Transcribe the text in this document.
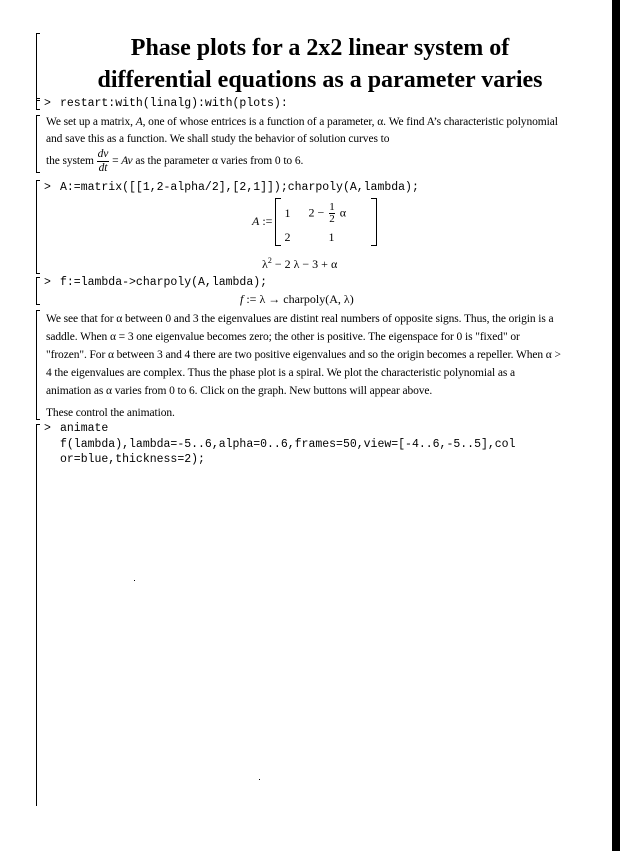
Phase plots for a 2x2 linear system of
differential equations as a parameter varies
> restart:with(linalg):with(plots):
We set up a matrix, A, one of whose entrices is a function of a parameter, α. We find A’s characteristic polynomial and save this as a function. We shall study the behavior of solution curves to
the system $\frac{dv}{dt} = Av$ as the parameter α varies from 0 to 6.
> A:=matrix([[1,2-alpha/2],[2,1]]);charpoly(A,lambda);
A :=
1	$2 - \frac{1}{2}$ α
2	1
$\lambda^2 - 2$ λ − 3 + α
> f:=lambda->charpoly(A,lambda);
f := λ → charpoly(A, λ)
We see that for α between 0 and 3 the eigenvalues are distint real numbers of opposite signs. Thus, the origin is a saddle. When α = 3 one eigenvalue becomes zero; the other is positive. The eigenspace for 0 is "fixed" or "frozen". For α between 3 and 4 there are two positive eigenvalues and so the origin becomes a repeller. When α > 4 the eigenvalues are complex. Thus the phase plot is a spiral. We plot the characteristic polynomial as a animation as α varies from 0 to 6. Click on the graph. New buttons will appear above.
These control the animation.
> animate
f(lambda),lambda=-5..6,alpha=0..6,frames=50,view=[-4..6,-5..5],col
or=blue,thickness=2);
